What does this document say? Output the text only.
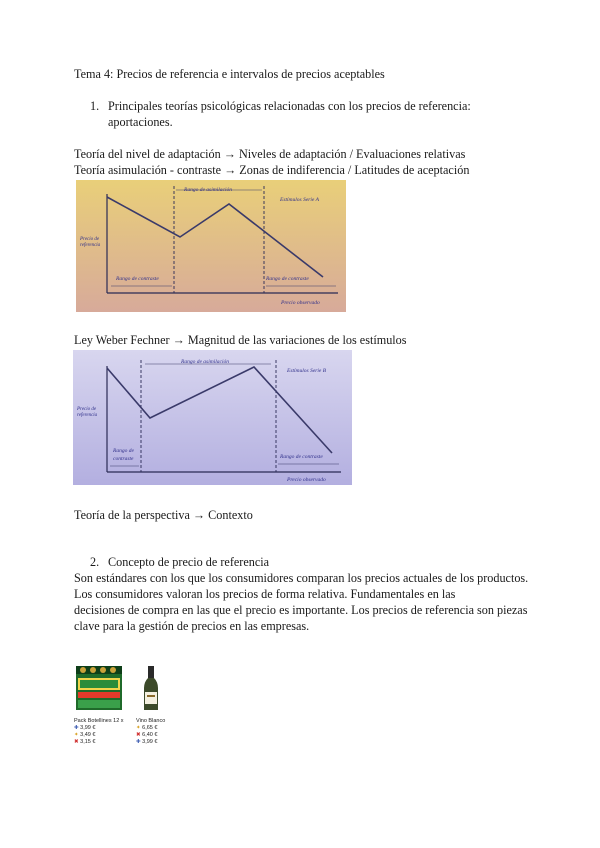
Tema 4: Precios de referencia e intervalos de precios aceptables
1. Principales teorías psicológicas relacionadas con los precios de referencia:
aportaciones.
Teoría del nivel de adaptación → Niveles de adaptación / Evaluaciones relativas
Teoría asimulación - contraste → Zonas de indiferencia / Latitudes de aceptación
Rango de asimilación
Estímulos Serie A
Precio de
referencia
Rango de contraste	Rango de contraste
Precio observado
Ley Weber Fechner → Magnitud de las variaciones de los estímulos
Rango de asimilación
Estímulos Serie B
Precio de
referencia
Rango de
contraste	Rango de contraste
Precio observado
Teoría de la perspectiva → Contexto
2. Concepto de precio de referencia
Son estándares con los que los consumidores comparan los precios actuales de los productos.
Los consumidores valoran los precios de forma relativa. Fundamentales en las
decisiones de compra en las que el precio es importante. Los precios de referencia son piezas
clave para la gestión de precios en las empresas.
Pack Botellines 12 x
✚ 3,99 €
✦ 3,49 €
✖ 3,15 €
Vino Blanco
✦ 6,65 €
✖ 6,40 €
✚ 3,99 €
